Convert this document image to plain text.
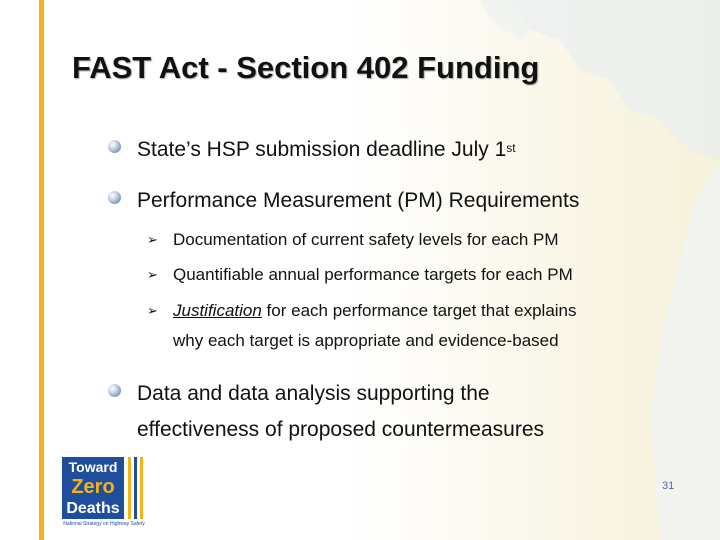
FAST Act - Section 402 Funding
State’s HSP submission deadline July 1st
Performance Measurement (PM) Requirements
➢ Documentation of current safety levels for each PM
➢ Quantifiable annual performance targets for each PM
➢ Justification for each performance target that explains
why each target is appropriate and evidence-based
Data and data analysis supporting the
effectiveness of proposed countermeasures
Toward
Zero
Deaths
National Strategy on Highway Safety
31
